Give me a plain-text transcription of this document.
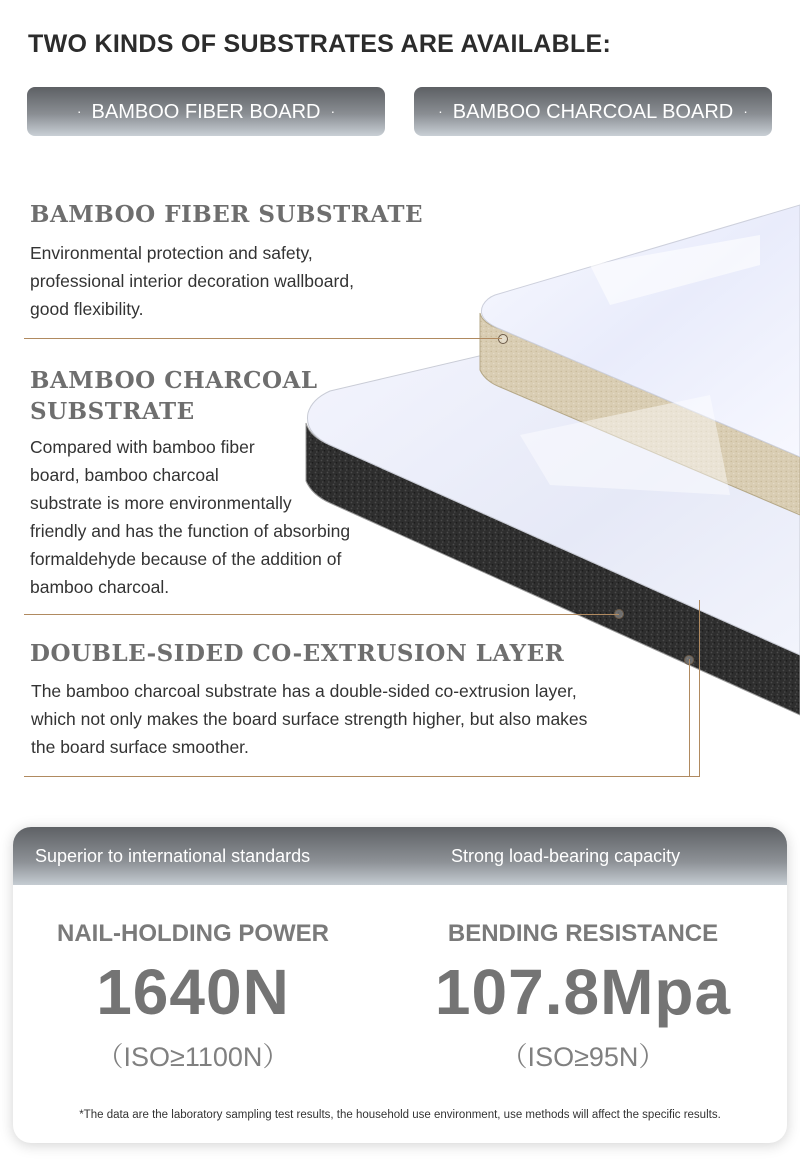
TWO KINDS OF SUBSTRATES ARE AVAILABLE:
· BAMBOO FIBER BOARD ·	· BAMBOO CHARCOAL BOARD ·
BAMBOO FIBER SUBSTRATE
Environmental protection and safety,
professional interior decoration wallboard,
good flexibility.
BAMBOO CHARCOAL
SUBSTRATE
Compared with bamboo fiber
board, bamboo charcoal
substrate is more environmentally
friendly and has the function of absorbing
formaldehyde because of the addition of
bamboo charcoal.
DOUBLE-SIDED CO-EXTRUSION LAYER
The bamboo charcoal substrate has a double-sided co-extrusion layer,
which not only makes the board surface strength higher, but also makes
the board surface smoother.
Superior to international standards	Strong load-bearing capacity
NAIL-HOLDING POWER
1640N
（ISO≥1100N）
BENDING RESISTANCE
107.8Mpa
（ISO≥95N）
*The data are the laboratory sampling test results, the household use environment, use methods will affect the specific results.
